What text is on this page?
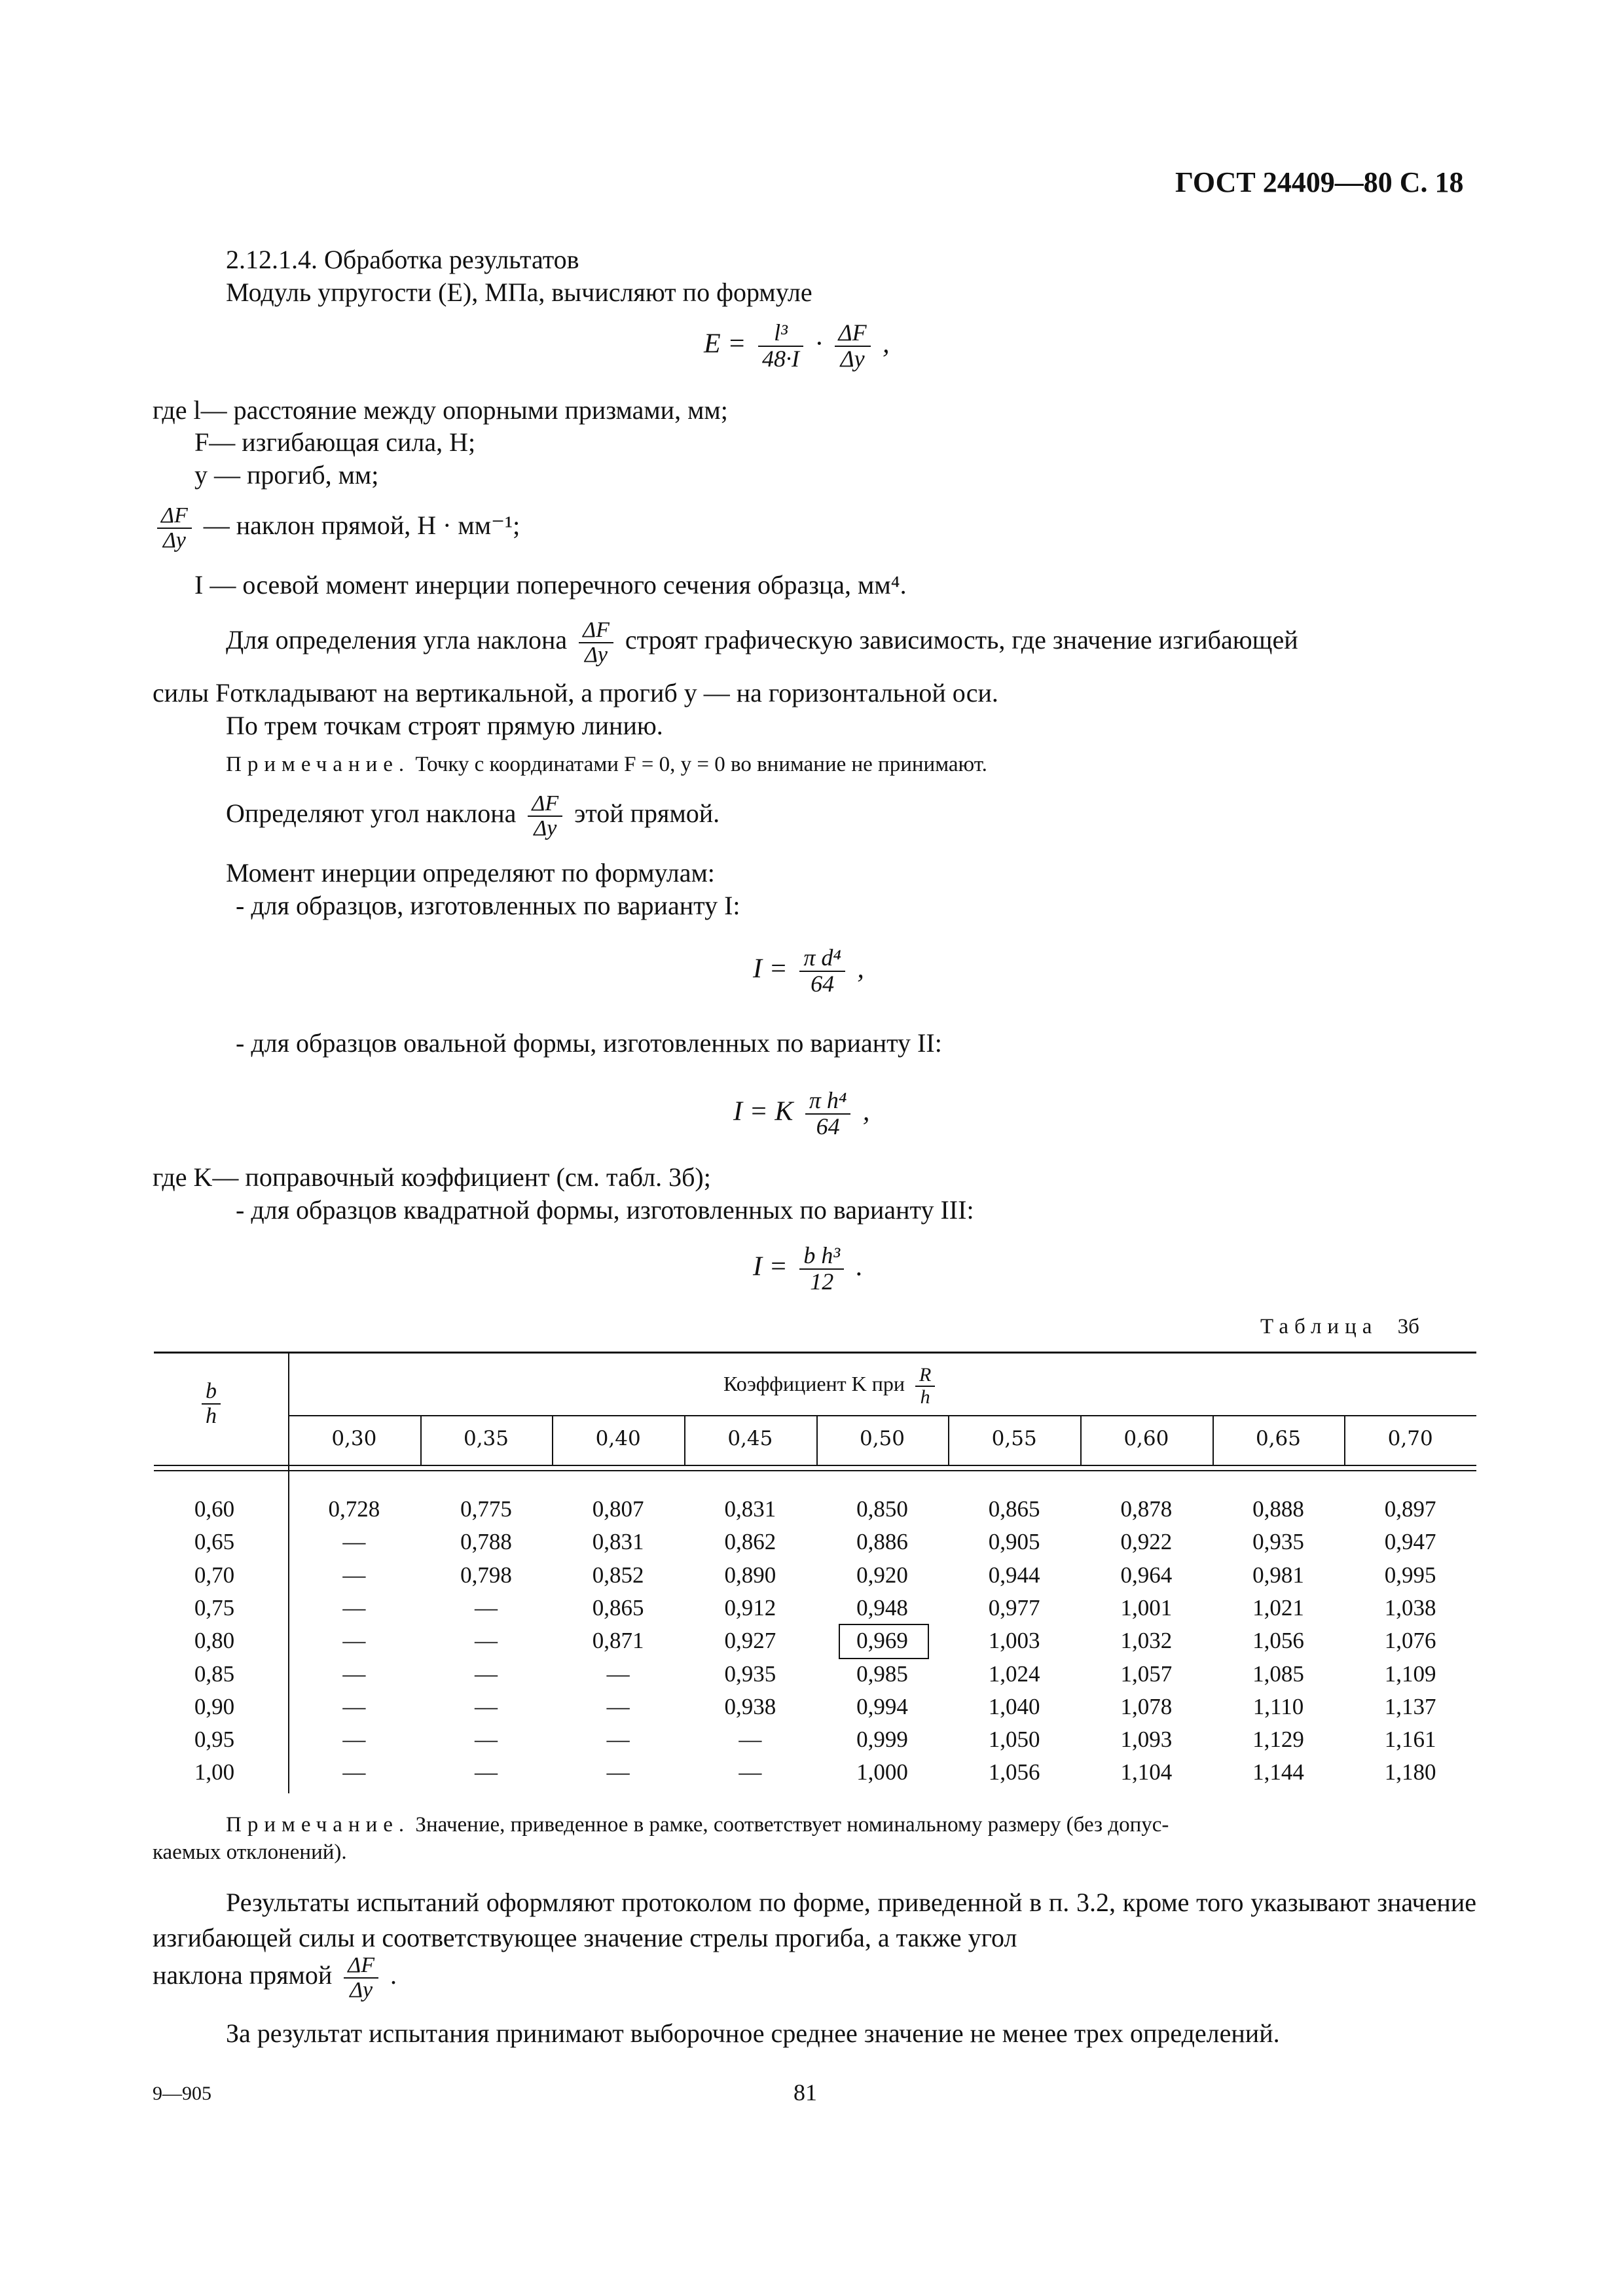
ГОСТ 24409—80 С. 18
2.12.1.4. Обработка результатов
Модуль упругости (E), МПа, вычисляют по формуле
$E = \frac{\text{l³}}{48\cdot I} \cdot \frac{\Delta F}{\Delta y}$ ,
где l— расстояние между опорными призмами, мм;
F— изгибающая сила, Н;
y — прогиб, мм;
$\frac{\Delta F}{\Delta y}$ — наклон прямой, Н · мм⁻¹;
I — осевой момент инерции поперечного сечения образца, мм⁴.
Для определения угла наклона $\frac{\Delta F}{\Delta y}$ строят графическую зависимость, где значение изгибающей
силы Fоткладывают на вертикальной, а прогиб y — на горизонтальной оси.
По трем точкам строят прямую линию.
Примечание. Точку с координатами F = 0, y = 0 во внимание не принимают.
Определяют угол наклона $\frac{\Delta F}{\Delta y}$ этой прямой.
Момент инерции определяют по формулам:
- для образцов, изготовленных по варианту I:
$I = \frac{\text{π d⁴}}{64}$ ,
- для образцов овальной формы, изготовленных по варианту II:
I = K $\frac{\text{π h⁴}}{64}$ ,
где K— поправочный коэффициент (см. табл. 3б);
- для образцов квадратной формы, изготовленных по варианту III:
$I = \frac{\text{b h³}}{12}$ .
Таблица 3б
$\frac{b}{h}$	Коэффициент K при $\frac{R}{h}$
0,30	0,35	0,40	0,45	0,50	0,55	0,60	0,65	0,70
0,60	0,728	0,775	0,807	0,831	0,850	0,865	0,878	0,888	0,897
0,65	—	0,788	0,831	0,862	0,886	0,905	0,922	0,935	0,947
0,70	—	0,798	0,852	0,890	0,920	0,944	0,964	0,981	0,995
0,75	—	—	0,865	0,912	0,948	0,977	1,001	1,021	1,038
0,80	—	—	0,871	0,927	0,969	1,003	1,032	1,056	1,076
0,85	—	—	—	0,935	0,985	1,024	1,057	1,085	1,109
0,90	—	—	—	0,938	0,994	1,040	1,078	1,110	1,137
0,95	—	—	—	—	0,999	1,050	1,093	1,129	1,161
1,00	—	—	—	—	1,000	1,056	1,104	1,144	1,180
Примечание. Значение, приведенное в рамке, соответствует номинальному размеру (без допус-
каемых отклонений).
Результаты испытаний оформляют протоколом по форме, приведенной в п. 3.2, кроме того указывают значение изгибающей силы и соответствующее значение стрелы прогиба, а также угол
наклона прямой $\frac{\Delta F}{\Delta y}$ .
За результат испытания принимают выборочное среднее значение не менее трех определений.
9—905	81
